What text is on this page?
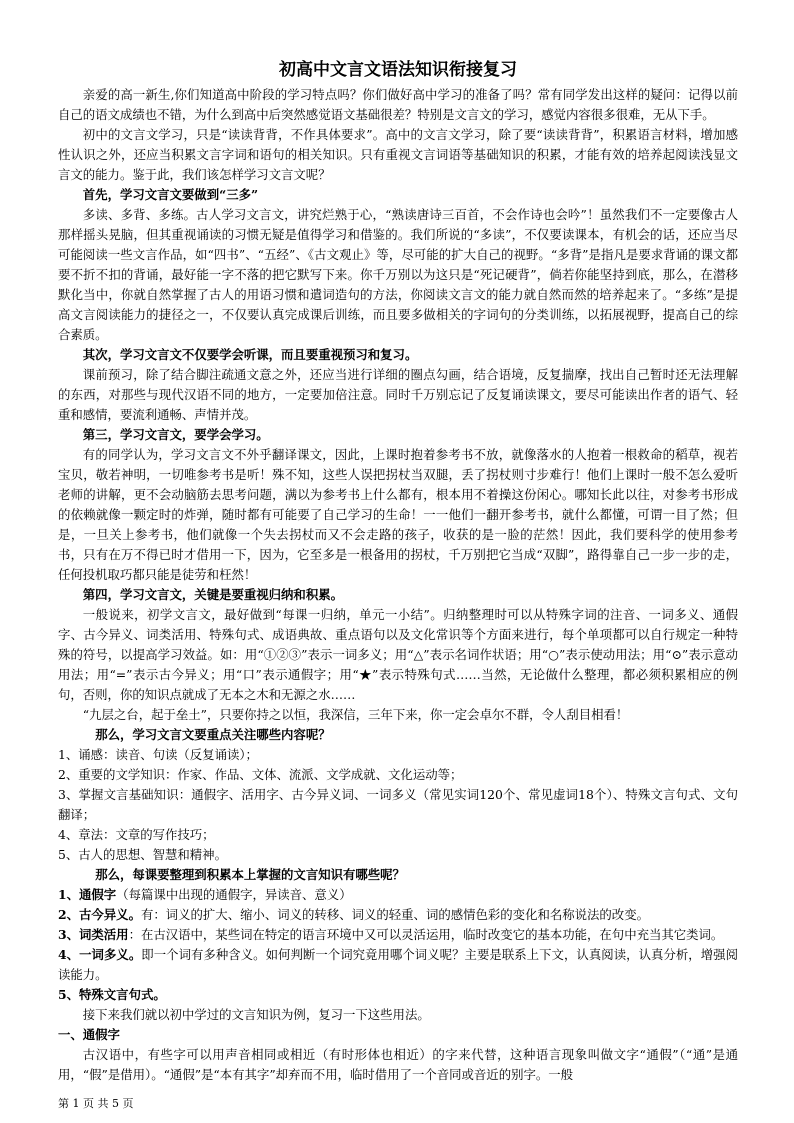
初高中文言文语法知识衔接复习

亲爱的高一新生,你们知道高中阶段的学习特点吗？你们做好高中学习的准备了吗？常有同学发出这样的疑问：记得以前自己的语文成绩也不错，为什么到高中后突然感觉语文基础很差？特别是文言文的学习，感觉内容很多很难，无从下手。

初中的文言文学习，只是“读读背背，不作具体要求”。高中的文言文学习，除了要“读读背背”，积累语言材料，增加感性认识之外，还应当积累文言字词和语句的相关知识。只有重视文言词语等基础知识的积累，才能有效的培养起阅读浅显文言文的能力。鉴于此，我们该怎样学习文言文呢？

首先，学习文言文要做到“三多”

多读、多背、多练。古人学习文言文，讲究烂熟于心，“熟读唐诗三百首，不会作诗也会吟”！虽然我们不一定要像古人那样摇头晃脑，但其重视诵读的习惯无疑是值得学习和借鉴的。我们所说的“多读”，不仅要读课本，有机会的话，还应当尽可能阅读一些文言作品，如“四书”、“五经”、《古文观止》等，尽可能的扩大自己的视野。“多背”是指凡是要求背诵的课文都要不折不扣的背诵，最好能一字不落的把它默写下来。你千万别以为这只是“死记硬背”，倘若你能坚持到底，那么，在潜移默化当中，你就自然掌握了古人的用语习惯和遣词造句的方法，你阅读文言文的能力就自然而然的培养起来了。“多练”是提高文言阅读能力的捷径之一，不仅要认真完成课后训练，而且要多做相关的字词句的分类训练，以拓展视野，提高自己的综合素质。

其次，学习文言文不仅要学会听课，而且要重视预习和复习。

课前预习，除了结合脚注疏通文意之外，还应当进行详细的圈点勾画，结合语境，反复揣摩，找出自己暂时还无法理解的东西，对那些与现代汉语不同的地方，一定要加倍注意。同时千万别忘记了反复诵读课文，要尽可能读出作者的语气、轻重和感情，要流利通畅、声情并茂。

第三，学习文言文，要学会学习。

有的同学认为，学习文言文不外乎翻译课文，因此，上课时抱着参考书不放，就像落水的人抱着一根救命的稻草，视若宝贝，敬若神明，一切唯参考书是听！殊不知，这些人误把拐杖当双腿，丢了拐杖则寸步难行！他们上课时一般不怎么爱听老师的讲解，更不会动脑筋去思考问题，满以为参考书上什么都有，根本用不着操这份闲心。哪知长此以往，对参考书形成的依赖就像一颗定时的炸弹，随时都有可能要了自己学习的生命！一一他们一翻开参考书，就什么都懂，可谓一目了然；但是，一旦关上参考书，他们就像一个失去拐杖而又不会走路的孩子，收获的是一脸的茫然！因此，我们要科学的使用参考书，只有在万不得已时才借用一下，因为，它至多是一根备用的拐杖，千万别把它当成“双脚”，路得靠自己一步一步的走，任何投机取巧都只能是徒劳和枉然！

第四，学习文言文，关键是要重视归纳和积累。

一般说来，初学文言文，最好做到“每课一归纳，单元一小结”。归纳整理时可以从特殊字词的注音、一词多义、通假字、古今异义、词类活用、特殊句式、成语典故、重点语句以及文化常识等个方面来进行，每个单项都可以自行规定一种特殊的符号，以提高学习效益。如：用“①②③”表示一词多义；用“△”表示名词作状语；用“○”表示使动用法；用“⊙”表示意动用法；用“=”表示古今异义；用“口”表示通假字；用“★”表示特殊句式……当然，无论做什么整理，都必须积累相应的例句，否则，你的知识点就成了无本之木和无源之水……

“九层之台，起于垒土”，只要你持之以恒，我深信，三年下来，你一定会卓尔不群，令人刮目相看！

那么，学习文言文要重点关注哪些内容呢？

1、诵感：读音、句读（反复诵读）；

2、重要的文学知识：作家、作品、文体、流派、文学成就、文化运动等；

3、掌握文言基础知识：通假字、活用字、古今异义词、一词多义（常见实词120个、常见虚词18个）、特殊文言句式、文句翻译；

4、章法：文章的写作技巧；

5、古人的思想、智慧和精神。

那么，每课要整理到积累本上掌握的文言知识有哪些呢？

1、通假字（每篇课中出现的通假字，异读音、意义）

2、古今异义。有：词义的扩大、缩小、词义的转移、词义的轻重、词的感情色彩的变化和名称说法的改变。

3、词类活用：在古汉语中，某些词在特定的语言环境中又可以灵活运用，临时改变它的基本功能，在句中充当其它类词。

4、一词多义。即一个词有多种含义。如何判断一个词究竟用哪个词义呢？主要是联系上下文，认真阅读，认真分析，增强阅读能力。

5、特殊文言句式。

接下来我们就以初中学过的文言知识为例，复习一下这些用法。

一、通假字

古汉语中，有些字可以用声音相同或相近（有时形体也相近）的字来代替，这种语言现象叫做文字“通假”（“通”是通用，“假”是借用）。“通假”是“本有其字”却弃而不用，临时借用了一个音同或音近的别字。一般

第 1 页 共 5 页
